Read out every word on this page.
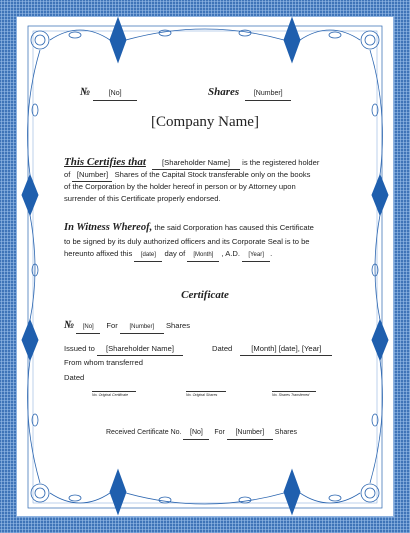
№	[No]	Shares [Number]
[Company Name]
This Certifies that [Shareholder Name] is the registered holder
of [Number] Shares of the Capital Stock transferable only on the books
of the Corporation by the holder hereof in person or by Attorney upon
surrender of this Certificate properly endorsed.
In Witness Whereof, the said Corporation has caused this Certificate
to be signed by its duly authorized officers and its Corporate Seal is to be
hereunto affixed this [date] day of [Month] , A.D. [Year] .
Certificate
№ [No] For [Number] Shares
Issued to [Shareholder Name]	Dated	[Month] [date], [Year]
From whom transferred
Dated
No. Original Certificate	No. Original Shares	No. Shares Transferred
Received Certificate No. [No] For [Number] Shares
